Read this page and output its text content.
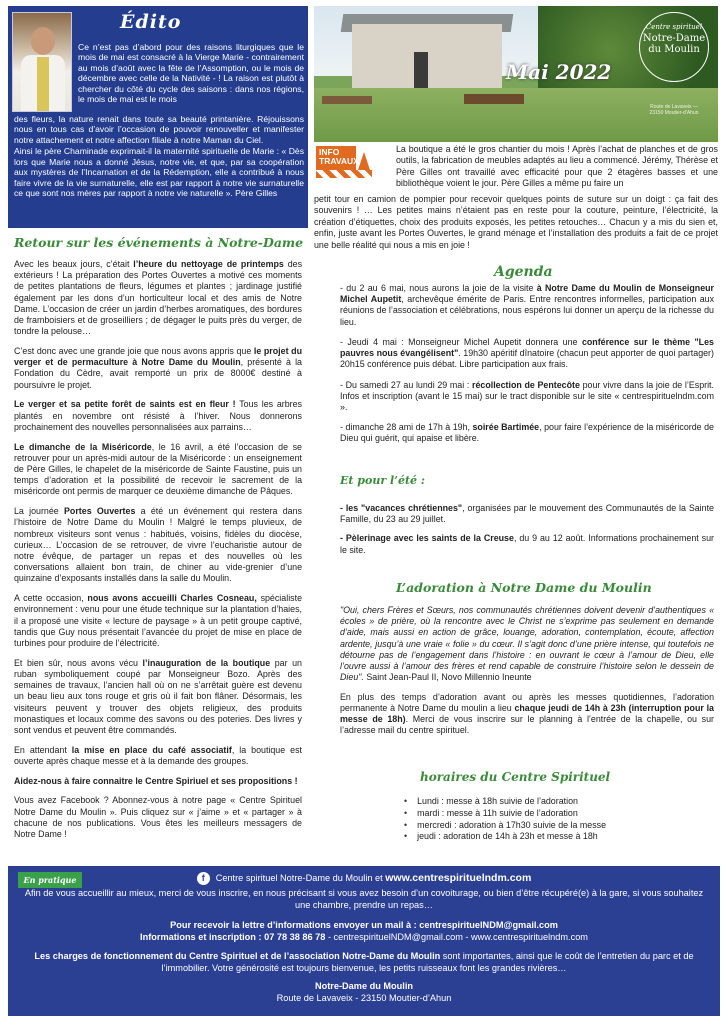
Édito
Ce n’est pas d’abord pour des raisons liturgiques que le mois de mai est consacré à la Vierge Marie - contrairement au mois d’août avec la fête de l’Assomption, ou le mois de décembre avec celle de la Nativité - ! La raison est plutôt à chercher du côté du cycle des saisons : dans nos régions, le mois de mai est le mois

des fleurs, la nature renait dans toute sa beauté printanière. Réjouissons nous en tous cas d’avoir l’occasion de pouvoir renouveller et manifester notre attachement et notre affection filiale à notre Maman du Ciel.

Ainsi le père Chaminade exprimait-il la maternité spirituelle de Marie : « Dès lors que Marie nous a donné Jésus, notre vie, et que, par sa coopération aux mystères de l’Incarnation et de la Rédemption, elle a contribué à nous faire vivre de la vie surnaturelle, elle est par rapport à notre vie surnaturelle ce que sont nos mères par rapport à notre vie naturelle ». Père Gilles

Mai 2022
Centre spirituel
Notre-Dame du Moulin
Route de Lavaveix — 23150 Moutier-d'Ahun
INFO
TRAVAUX
La boutique a été le gros chantier du mois ! Après l’achat de planches et de gros outils, la fabrication de meubles adaptés au lieu a commencé. Jérémy, Thérèse et Père Gilles ont travaillé avec efficacité pour que 2 étagères basses et une bibliothèque voient le jour. Père Gilles a même pu faire un
petit tour en camion de pompier pour recevoir quelques points de suture sur un doigt : ça fait des souvenirs ! … Les petites mains n’étaient pas en reste pour la couture, peinture, l’électricité, la création d’étiquettes, choix des produits exposés, les petites retouches… Chacun y a mis du sien et, enfin, juste avant les Portes Ouvertes, le grand ménage et l’installation des produits a fait de ce projet une belle réalité qui nous a mis en joie !
Retour sur les événements à Notre-Dame

Avec les beaux jours, c’était l’heure du nettoyage de printemps des extérieurs ! La préparation des Portes Ouvertes a motivé ces moments de petites plantations de fleurs, légumes et plantes ; jardinage justifié également par les dons d’un horticulteur local et des amis de Notre Dame. L’occasion de créer un jardin d’herbes aromatiques, des bordures de framboisiers et de groseilliers ; de dégager le puits près du verger, de tondre la pelouse…

C’est donc avec une grande joie que nous avons appris que le projet du verger et de permaculture à Notre Dame du Moulin, présenté à la Fondation du Cèdre, avait remporté un prix de 8000€ destiné à poursuivre le projet.

Le verger et sa petite forêt de saints est en fleur ! Tous les arbres plantés en novembre ont résisté à l’hiver. Nous donnerons prochainement des nouvelles personnalisées aux parrains…

Le dimanche de la Miséricorde, le 16 avril, a été l’occasion de se retrouver pour un après-midi autour de la Miséricorde : un enseignement de Père Gilles, le chapelet de la miséricorde de Sainte Faustine, puis un temps d’adoration et la possibilité de recevoir le sacrement de la miséricorde ont permis de marquer ce deuxième dimanche de Pâques.

La journée Portes Ouvertes a été un événement qui restera dans l’histoire de Notre Dame du Moulin ! Malgré le temps pluvieux, de nombreux visiteurs sont venus : habitués, voisins, fidèles du diocèse, curieux… L’occasion de se retrouver, de vivre l’eucharistie autour de notre évêque, de partager un repas et des nouvelles où les conversations allaient bon train, de chiner au vide-grenier d’une quinzaine d’exposants installés dans la salle du Moulin.

A cette occasion, nous avons accueilli Charles Cosneau, spécialiste environnement : venu pour une étude technique sur la plantation d’haies, il a proposé une visite « lecture de paysage » à un petit groupe captivé, tandis que Guy nous présentait l’avancée du projet de mise en place de turbines pour produire de l’électricité.

Et bien sûr, nous avons vécu l’inauguration de la boutique par un ruban symboliquement coupé par Monseigneur Bozo. Après des semaines de travaux, l’ancien hall où on ne s’arrêtait guère est devenu un beau lieu aux tons rouge et gris où il fait bon flâner. Désormais, les visiteurs peuvent y trouver des objets religieux, des produits monastiques et locaux comme des savons ou des poteries. Des livres y sont vendus et peuvent être commandés.

En attendant la mise en place du café associatif, la boutique est ouverte après chaque messe et à la demande des groupes.

Aidez-nous à faire connaitre le Centre Spiriuel et ses propositions !

Vous avez Facebook ? Abonnez-vous à notre page « Centre Spirituel Notre Dame du Moulin ». Puis cliquez sur « j’aime » et « partager » à chacune de nos publications. Vous êtes les meilleurs messagers de Notre Dame !

Agenda

- du 2 au 6 mai, nous aurons la joie de la visite à Notre Dame du Moulin de Monseigneur Michel Aupetit, archevêque émérite de Paris. Entre rencontres informelles, participation aux réunions de l’association et célébrations, nous espérons lui donner un aperçu de la richesse du lieu.

- Jeudi 4 mai : Monseigneur Michel Aupetit donnera une conférence sur le thème "Les pauvres nous évangélisent". 19h30 apéritif dînatoire (chacun peut apporter de quoi partager) 20h15 conférence puis débat. Libre participation aux frais.

- Du samedi 27 au lundi 29 mai : récollection de Pentecôte pour vivre dans la joie de l’Esprit. Infos et inscription (avant le 15 mai) sur le tract disponible sur le site « centrespirituelndm.com ».

- dimanche 28 ami de 17h à 19h, soirée Bartimée, pour faire l’expérience de la miséricorde de Dieu qui guérit, qui apaise et libère.

Et pour l’été :

- les "vacances chrétiennes", organisées par le mouvement des Communautés de la Sainte Famille, du 23 au 29 juillet.

- Pèlerinage avec les saints de la Creuse, du 9 au 12 août. Informations prochainement sur le site.

L’adoration à Notre Dame du Moulin

"Oui, chers Frères et Sœurs, nos communautés chrétiennes doivent devenir d’authentiques « écoles » de prière, où la rencontre avec le Christ ne s’exprime pas seulement en demande d’aide, mais aussi en action de grâce, louange, adoration, contemplation, écoute, affection ardente, jusqu’à une vraie « folie » du cœur. Il s’agit donc d’une prière intense, qui toutefois ne détourne pas de l’engagement dans l’histoire : en ouvrant le cœur à l’amour de Dieu, elle l’ouvre aussi à l’amour des frères et rend capable de construire l’histoire selon le dessein de Dieu". Saint Jean-Paul II, Novo Millennio Ineunte

En plus des temps d’adoration avant ou après les messes quotidiennes, l’adoration permanente à Notre Dame du moulin a lieu chaque jeudi de 14h à 23h (interruption pour la messe de 18h). Merci de vous inscrire sur le planning à l’entrée de la chapelle, ou sur l’adresse mail du centre spirituel.

horaires du Centre Spirituel
• Lundi : messe à 18h suivie de l’adoration
• mardi : messe à 11h suivie de l’adoration
• mercredi : adoration à 17h30 suivie de la messe
• jeudi : adoration de 14h à 23h et messe à 18h
En pratique	f Centre spirituel Notre-Dame du Moulin et www.centrespirituelndm.com
Afin de vous accueillir au mieux, merci de vous inscrire, en nous précisant si vous avez besoin d’un covoiturage, ou bien d’être récupéré(e) à la gare, si vous souhaitez une chambre, prendre un repas…
Pour recevoir la lettre d’informations envoyer un mail à : centrespirituelNDM@gmail.com
Informations et inscription : 07 78 38 86 78 - centrespirituelNDM@gmail.com - www.centrespirituelndm.com
Les charges de fonctionnement du Centre Spirituel et de l’association Notre-Dame du Moulin sont importantes, ainsi que le coût de l’entretien du parc et de l’immobilier. Votre générosité est toujours bienvenue, les petits ruisseaux font les grandes rivières…
Notre-Dame du Moulin
Route de Lavaveix - 23150 Moutier-d’Ahun
